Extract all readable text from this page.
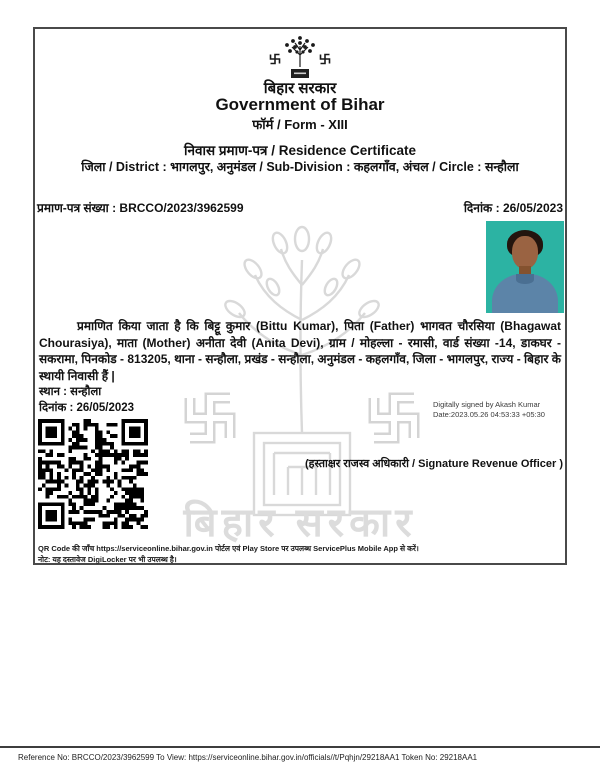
बिहार सरकार
बिहार सरकार
Government of Bihar
फॉर्म / Form - XIII
निवास प्रमाण-पत्र / Residence Certificate
जिला / District : भागलपुर, अनुमंडल / Sub-Division : कहलगाँव, अंचल / Circle : सन्हौला
प्रमाण-पत्र संख्या : BRCCO/2023/3962599	दिनांक : 26/05/2023
प्रमाणित किया जाता है कि बिट्टू कुमार (Bittu Kumar), पिता (Father) भागवत चौरसिया (Bhagawat Chourasiya), माता (Mother) अनीता देवी (Anita Devi), ग्राम / मोहल्ला - रमासी, वार्ड संख्या -14, डाकघर - सकरामा, पिनकोड - 813205, थाना - सन्हौला, प्रखंड - सन्हौला, अनुमंडल - कहलगाँव, जिला - भागलपुर, राज्य - बिहार के स्थायी निवासी हैं |
स्थान : सन्हौला
दिनांक : 26/05/2023	Digitally signed by Akash Kumar
Date:2023.05.26 04:53:33 +05:30
(हस्ताक्षर राजस्व अधिकारी / Signature Revenue Officer )
QR Code की जाँच https://serviceonline.bihar.gov.in पोर्टल एवं Play Store पर उपलब्ध ServicePlus Mobile App से करें।
नोट: यह दस्तावेज DigiLocker पर भी उपलब्ध है।
Reference No: BRCCO/2023/3962599 To View: https://serviceonline.bihar.gov.in/officials//t/Pqhjn/29218AA1 Token No: 29218AA1
